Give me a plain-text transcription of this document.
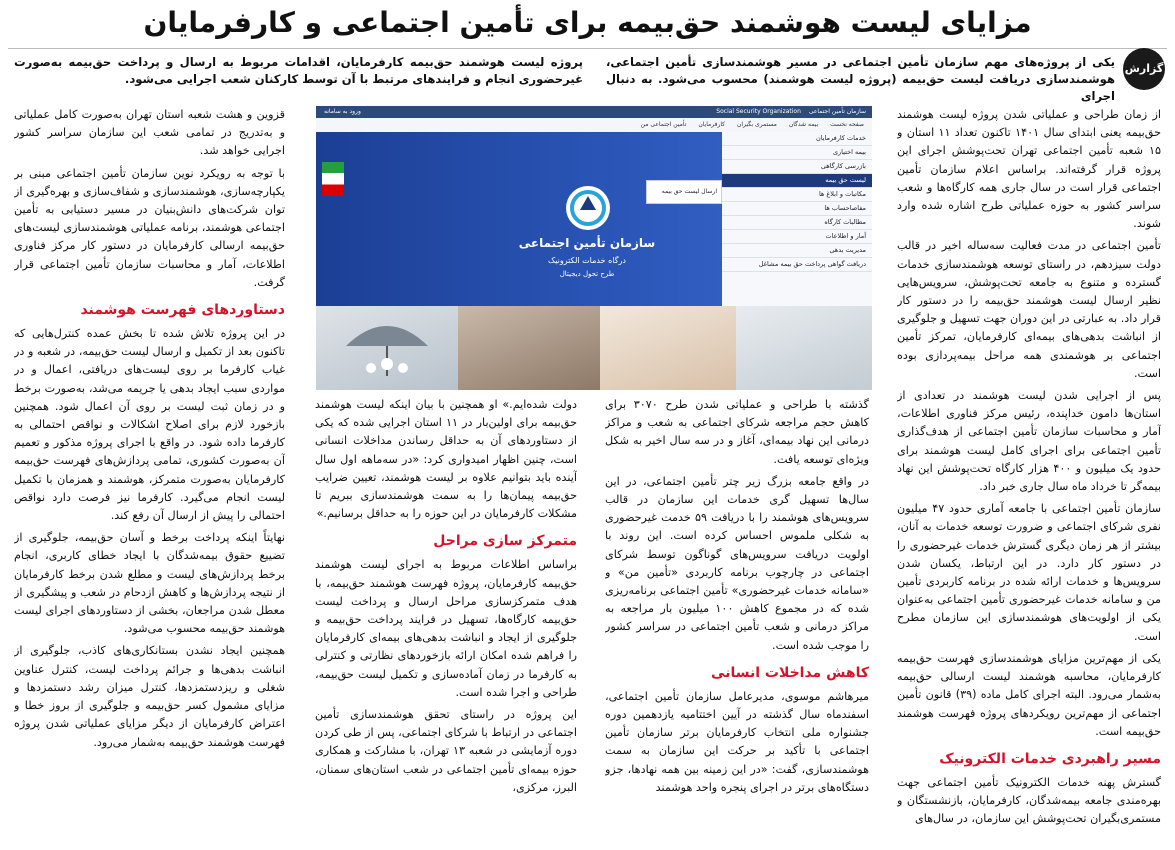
مزایای لیست هوشمند حق‌بیمه برای تأمین اجتماعی و کارفرمایان
گزارش
یکی از پروژه‌های مهم سازمان تأمین اجتماعی در مسیر هوشمندسازی تأمین اجتماعی، هوشمندسازی دریافت لیست حق‌بیمه (پروژه لیست هوشمند) محسوب می‌شود. به دنبال اجرای
پروژه لیست هوشمند حق‌بیمه کارفرمایان، اقدامات مربوط به ارسال و پرداخت حق‌بیمه به‌صورت غیرحضوری انجام و فرایندهای مرتبط با آن توسط کارکنان شعب اجرایی می‌شود.

از زمان طراحی و عملیاتی شدن پروژه لیست هوشمند حق‌بیمه یعنی ابتدای سال ۱۴۰۱ تاکنون تعداد ۱۱ استان و ۱۵ شعبه تأمین اجتماعی تهران تحت‌پوشش اجرای این پروژه قرار گرفته‌اند. براساس اعلام سازمان تأمین اجتماعی قرار است در سال جاری همه کارگاه‌ها و شعب سراسر کشور به حوزه عملیاتی طرح اشاره شده وارد شوند.

تأمین اجتماعی در مدت فعالیت سه‌ساله اخیر در قالب دولت سیزدهم، در راستای توسعه هوشمندسازی خدمات گسترده و متنوع به جامعه تحت‌پوشش، سرویس‌هایی نظیر ارسال لیست هوشمند حق‌بیمه را در دستور کار قرار داد. به عبارتی در این دوران جهت تسهیل و جلوگیری از انباشت بدهی‌های بیمه‌ای کارفرمایان، تمرکز تأمین اجتماعی بر هوشمندی همه مراحل بیمه‌پردازی بوده است.

پس از اجرایی شدن لیست هوشمند در تعدادی از استان‌ها دامون خداپنده، رئیس مرکز فناوری اطلاعات، آمار و محاسبات سازمان تأمین اجتماعی از هدف‌گذاری تأمین اجتماعی برای اجرای کامل لیست هوشمند برای حدود یک میلیون و ۴۰۰ هزار کارگاه تحت‌پوشش این نهاد بیمه‌گر تا خرداد ماه سال جاری خبر داد.

سازمان تأمین اجتماعی با جامعه آماری حدود ۴۷ میلیون نفری شرکای اجتماعی و ضرورت توسعه خدمات به آنان، بیشتر از هر زمان دیگری گسترش خدمات غیرحضوری را در دستور کار دارد. در این ارتباط، یکسان شدن سرویس‌ها و خدمات ارائه شده در برنامه کاربردی تأمین من و سامانه خدمات غیرحضوری تأمین اجتماعی به‌عنوان یکی از اولویت‌های هوشمندسازی این سازمان مطرح است.

یکی از مهم‌ترین مزایای هوشمندسازی فهرست حق‌بیمه کارفرمایان، محاسبه هوشمند لیست ارسالی حق‌بیمه به‌شمار می‌رود. البته اجرای کامل ماده (۳۹) قانون تأمین اجتماعی از مهم‌ترین رویکردهای پروژه فهرست هوشمند حق‌بیمه است.

مسیر راهبردی خدمات الکترونیک

گسترش پهنه خدمات الکترونیک تأمین اجتماعی جهت بهره‌مندی جامعه بیمه‌شدگان، کارفرمایان، بازنشستگان و مستمری‌بگیران تحت‌پوشش این سازمان، در سال‌های

سازمان تأمین اجتماعی Social Security Organization
ورود به سامانه
صفحه نخست بیمه شدگان مستمری بگیران کارفرمایان تأمین اجتماعی من
سازمان تأمین اجتماعی
درگاه خدمات الکترونیک
طرح تحول دیجیتال
خدمات کارفرمایان
بیمه اختیاری
بازرسی کارگاهی
لیست حق بیمه
مکاتبات و ابلاغ ها
مفاصاحساب ها
مطالبات کارگاه
آمار و اطلاعات
مدیریت بدهی
دریافت گواهی پرداخت حق بیمه مشاغل
ارسال لیست حق بیمه

گذشته با طراحی و عملیاتی شدن طرح ۳۰۷۰ برای کاهش حجم مراجعه شرکای اجتماعی به شعب و مراکز درمانی این نهاد بیمه‌ای، آغاز و در سه سال اخیر به شکل ویژه‌ای توسعه یافت.

در واقع جامعه بزرگ زیر چتر تأمین اجتماعی، در این سال‌ها تسهیل گری خدمات این سازمان در قالب سرویس‌های هوشمند را با دریافت ۵۹ خدمت غیرحضوری به شکلی ملموس احساس کرده است. این روند با اولویت دریافت سرویس‌های گوناگون توسط شرکای اجتماعی در چارچوب برنامه کاربردی «تأمین من» و «سامانه خدمات غیرحضوری» تأمین اجتماعی برنامه‌ریزی شده که در مجموع کاهش ۱۰۰ میلیون بار مراجعه به مراکز درمانی و شعب تأمین اجتماعی در سراسر کشور را موجب شده است.

کاهش مداخلات انسانی

میرهاشم موسوی، مدیرعامل سازمان تأمین اجتماعی، اسفندماه سال گذشته در آیین اختتامیه یازدهمین دوره جشنواره ملی انتخاب کارفرمایان برتر سازمان تأمین اجتماعی با تأکید بر حرکت این سازمان به سمت هوشمندسازی، گفت: «در این زمینه بین همه نهادها، جزو دستگاه‌های برتر در اجرای پنجره واحد هوشمند

دولت شده‌ایم.» او همچنین با بیان اینکه لیست هوشمند حق‌بیمه برای اولین‌بار در ۱۱ استان اجرایی شده که یکی از دستاوردهای آن به حداقل رساندن مداخلات انسانی است، چنین اظهار امیدواری کرد: «در سه‌ماهه اول سال آینده باید بتوانیم علاوه بر لیست هوشمند، تعیین ضرایب حق‌بیمه پیمان‌ها را به سمت هوشمندسازی ببریم تا مشکلات کارفرمایان در این حوزه را به حداقل برسانیم.»

متمرکز سازی مراحل

براساس اطلاعات مربوط به اجرای لیست هوشمند حق‌بیمه کارفرمایان، پروژه فهرست هوشمند حق‌بیمه، با هدف متمرکزسازی مراحل ارسال و پرداخت لیست حق‌بیمه کارگاه‌ها، تسهیل در فرایند پرداخت حق‌بیمه و جلوگیری از ایجاد و انباشت بدهی‌های بیمه‌ای کارفرمایان را فراهم شده امکان ارائه بازخوردهای نظارتی و کنترلی به کارفرما در زمان آماده‌سازی و تکمیل لیست حق‌بیمه، طراحی و اجرا شده است.

این پروژه در راستای تحقق هوشمندسازی تأمین اجتماعی در ارتباط با شرکای اجتماعی، پس از طی کردن دوره آزمایشی در شعبه ۱۳ تهران، با مشارکت و همکاری حوزه بیمه‌ای تأمین اجتماعی در شعب استان‌های سمنان، البرز، مرکزی،

قزوین و هشت شعبه استان تهران به‌صورت کامل عملیاتی و به‌تدریج در تمامی شعب این سازمان سراسر کشور اجرایی خواهد شد.

با توجه به رویکرد نوین سازمان تأمین اجتماعی مبنی بر یکپارچه‌سازی، هوشمندسازی و شفاف‌سازی و بهره‌گیری از توان شرکت‌های دانش‌بنیان در مسیر دستیابی به تأمین اجتماعی هوشمند، برنامه عملیاتی هوشمندسازی لیست‌های حق‌بیمه ارسالی کارفرمایان در دستور کار مرکز فناوری اطلاعات، آمار و محاسبات سازمان تأمین اجتماعی قرار گرفت.

دستاوردهای فهرست هوشمند

در این پروژه تلاش شده تا بخش عمده کنترل‌هایی که تاکنون بعد از تکمیل و ارسال لیست حق‌بیمه، در شعبه و در غیاب کارفرما بر روی لیست‌های دریافتی، اعمال و در مواردی سبب ایجاد بدهی یا جریمه می‌شد، به‌صورت برخط و در زمان ثبت لیست بر روی آن اعمال شود. همچنین بازخورد لازم برای اصلاح اشکالات و نواقص احتمالی به کارفرما داده شود. در واقع با اجرای پروژه مذکور و تعمیم آن به‌صورت کشوری، تمامی پردازش‌های فهرست حق‌بیمه کارفرمایان به‌صورت متمرکز، هوشمند و همزمان با تکمیل لیست انجام می‌گیرد. کارفرما نیز فرصت دارد نواقص احتمالی را پیش از ارسال آن رفع کند.

نهایتاً اینکه پرداخت برخط و آسان حق‌بیمه، جلوگیری از تضییع حقوق بیمه‌شدگان با ایجاد خطای کاربری، انجام برخط پردازش‌های لیست و مطلع شدن برخط کارفرمایان از نتیجه پردازش‌ها و کاهش ازدحام در شعب و پیشگیری از معطل شدن مراجعان، بخشی از دستاوردهای اجرای لیست هوشمند حق‌بیمه محسوب می‌شود.

همچنین ایجاد نشدن بستانکاری‌های کاذب، جلوگیری از انباشت بدهی‌ها و جرائم پرداخت لیست، کنترل عناوین شغلی و ریزدستمزدها، کنترل میزان رشد دستمزدها و مزایای مشمول کسر حق‌بیمه و جلوگیری از بروز خطا و اعتراض کارفرمایان از دیگر مزایای عملیاتی شدن پروژه فهرست هوشمند حق‌بیمه به‌شمار می‌رود.
